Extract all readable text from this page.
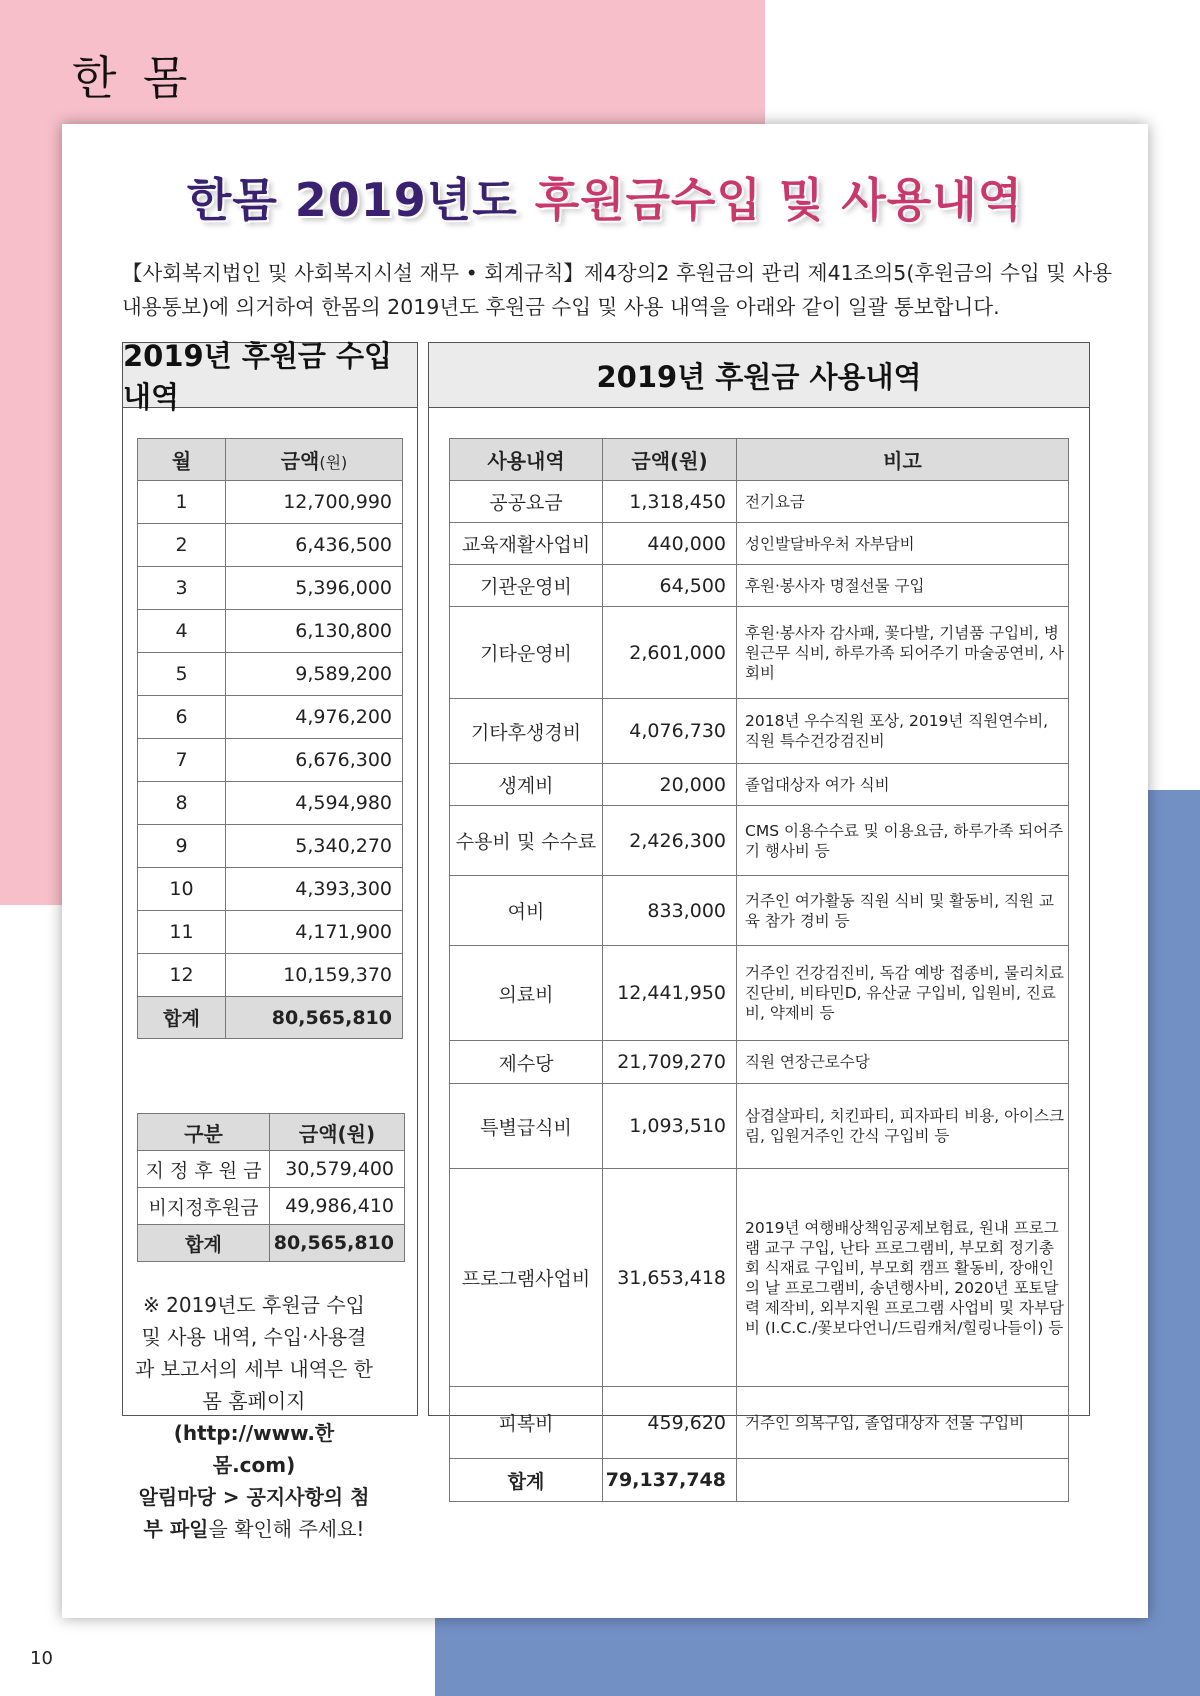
한 몸
10
한몸 2019년도 후원금수입 및 사용내역
【사회복지법인 및 사회복지시설 재무 • 회계규칙】제4장의2 후원금의 관리 제41조의5(후원금의 수입 및 사용내용통보)에 의거하여 한몸의 2019년도 후원금 수입 및 사용 내역을 아래와 같이 일괄 통보합니다.
2019년 후원금 수입내역
월	금액(원)
1	12,700,990
2	6,436,500
3	5,396,000
4	6,130,800
5	9,589,200
6	4,976,200
7	6,676,300
8	4,594,980
9	5,340,270
10	4,393,300
11	4,171,900
12	10,159,370
합계	80,565,810
구분	금액(원)
지 정 후 원 금	30,579,400
비지정후원금	49,986,410
합계	80,565,810
※ 2019년도 후원금 수입 및 사용 내역, 수입·사용결과 보고서의 세부 내역은 한몸 홈페이지
(http://www.한몸.com)
알림마당 > 공지사항의 첨부 파일을 확인해 주세요!
2019년 후원금 사용내역
사용내역	금액(원)	비고
공공요금	1,318,450	전기요금
교육재활사업비	440,000	성인발달바우처 자부담비
기관운영비	64,500	후원·봉사자 명절선물 구입
기타운영비	2,601,000	후원·봉사자 감사패, 꽃다발, 기념품 구입비, 병원근무 식비, 하루가족 되어주기 마술공연비, 사회비
기타후생경비	4,076,730	2018년 우수직원 포상, 2019년 직원연수비, 직원 특수건강검진비
생계비	20,000	졸업대상자 여가 식비
수용비 및 수수료	2,426,300	CMS 이용수수료 및 이용요금, 하루가족 되어주기 행사비 등
여비	833,000	거주인 여가활동 직원 식비 및 활동비, 직원 교육 참가 경비 등
의료비	12,441,950	거주인 건강검진비, 독감 예방 접종비, 물리치료 진단비, 비타민D, 유산균 구입비, 입원비, 진료비, 약제비 등
제수당	21,709,270	직원 연장근로수당
특별급식비	1,093,510	삼겹살파티, 치킨파티, 피자파티 비용, 아이스크림, 입원거주인 간식 구입비 등
프로그램사업비	31,653,418	2019년 여행배상책임공제보험료, 원내 프로그램 교구 구입, 난타 프로그램비, 부모회 정기총회 식재료 구입비, 부모회 캠프 활동비, 장애인의 날 프로그램비, 송년행사비, 2020년 포토달력 제작비, 외부지원 프로그램 사업비 및 자부담비 (I.C.C./꽃보다언니/드림캐처/힐링나들이) 등
피복비	459,620	거주인 의복구입, 졸업대상자 선물 구입비
합계	79,137,748	
